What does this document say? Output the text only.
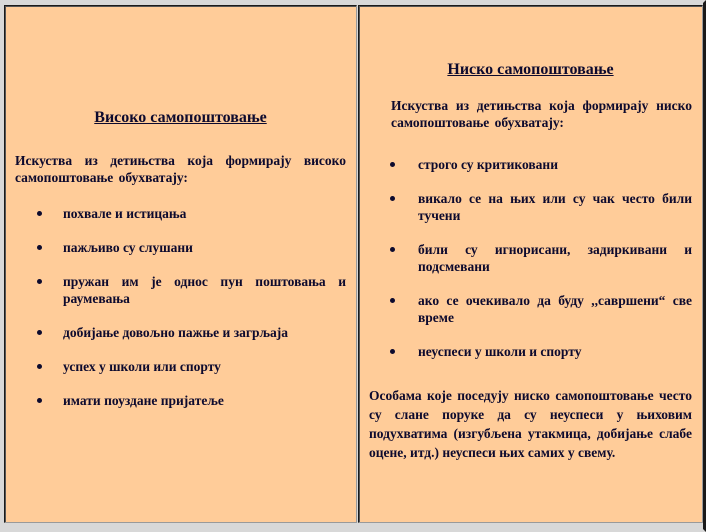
Високо самопоштовање

Искуства из детињства која формирају високо самопоштовање обухватају:

похвале и истицања
пажљиво су слушани
пружан им је однос пун поштовања и раумевања
добијање довољно пажње и загрљаја
успех у школи или спорту
имати поуздане пријатеље
Ниско самопоштовање

Искуства из детињства која формирају ниско самопоштовање обухватају:

строго су критиковани
викало се на њих или су чак често били тучени
били су игнорисани, задиркивани и подсмевани
ако се очекивало да буду ,,савршени“ све време
неуспеси у школи и спорту

Особама које поседују ниско самопоштовање често су слане поруке да су неуспеси у њиховим подухватима (изгубљена утакмица, добијање слабе оцене, итд.) неуспеси њих самих у свему.
